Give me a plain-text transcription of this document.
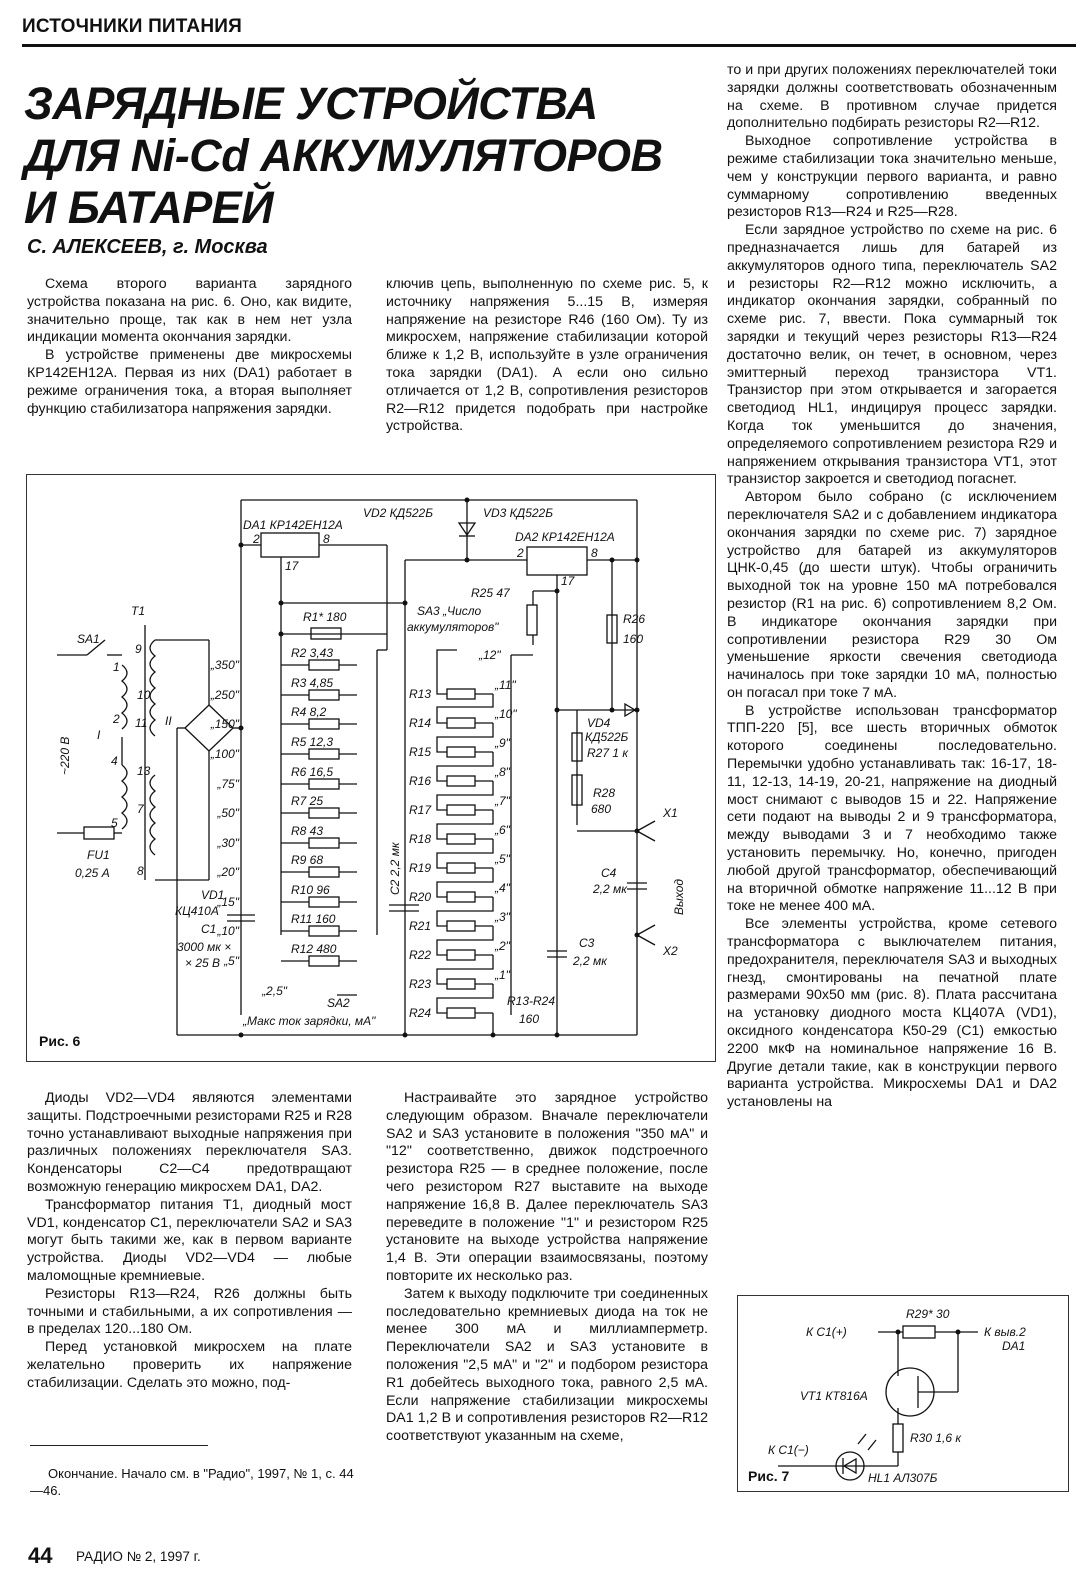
ИСТОЧНИКИ ПИТАНИЯ
ЗАРЯДНЫЕ УСТРОЙСТВА
ДЛЯ Ni-Cd АККУМУЛЯТОРОВ
И БАТАРЕЙ
С. АЛЕКСЕЕВ, г. Москва

Схема второго варианта зарядного устройства показана на рис. 6. Оно, как видите, значительно проще, так как в нем нет узла индикации момента окончания зарядки.

В устройстве применены две микросхемы КР142ЕН12А. Первая из них (DA1) работает в режиме ограничения тока, а вторая выполняет функцию стабилизатора напряжения зарядки.

ключив цепь, выполненную по схеме рис. 5, к источнику напряжения 5...15 В, измеряя напряжение на резисторе R46 (160 Ом). Ту из микросхем, напряжение стабилизации которой ближе к 1,2 В, используйте в узле ограничения тока зарядки (DA1). А если оно сильно отличается от 1,2 В, сопротивления резисторов R2—R12 придется подобрать при настройке устройства.

то и при других положениях переключателей токи зарядки должны соответствовать обозначенным на схеме. В противном случае придется дополнительно подбирать резисторы R2—R12.

Выходное сопротивление устройства в режиме стабилизации тока значительно меньше, чем у конструкции первого варианта, и равно суммарному сопротивлению введенных резисторов R13—R24 и R25—R28.

Если зарядное устройство по схеме на рис. 6 предназначается лишь для батарей из аккумуляторов одного типа, переключатель SA2 и резисторы R2—R12 можно исключить, а индикатор окончания зарядки, собранный по схеме рис. 7, ввести. Пока суммарный ток зарядки и текущий через резисторы R13—R24 достаточно велик, он течет, в основном, через эмиттерный переход транзистора VT1. Транзистор при этом открывается и загорается светодиод HL1, индицируя процесс зарядки. Когда ток уменьшится до значения, определяемого сопротивлением резистора R29 и напряжением открывания транзистора VT1, этот транзистор закроется и светодиод погаснет.

Автором было собрано (с исключением переключателя SA2 и с добавлением индикатора окончания зарядки по схеме рис. 7) зарядное устройство для батарей из аккумуляторов ЦНК-0,45 (до шести штук). Чтобы ограничить выходной ток на уровне 150 мА потребовался резистор (R1 на рис. 6) сопротивлением 8,2 Ом. В индикаторе окончания зарядки при сопротивлении резистора R29 30 Ом уменьшение яркости свечения светодиода начиналось при токе зарядки 10 мА, полностью он погасал при токе 7 мА.

В устройстве использован трансформатор ТПП-220 [5], все шесть вторичных обмоток которого соединены последовательно. Перемычки удобно устанавливать так: 16-17, 18-11, 12-13, 14-19, 20-21, напряжение на диодный мост снимают с выводов 15 и 22. Напряжение сети подают на выводы 2 и 9 трансформатора, между выводами 3 и 7 необходимо также установить перемычку. Но, конечно, пригоден любой другой трансформатор, обеспечивающий на вторичной обмотке напряжение 11...12 В при токе не менее 400 мА.

Все элементы устройства, кроме сетевого трансформатора с выключателем питания, предохранителя, переключателя SA3 и выходных гнезд, смонтированы на печатной плате размерами 90x50 мм (рис. 8). Плата рассчитана на установку диодного моста КЦ407А (VD1), оксидного конденсатора К50-29 (С1) емкостью 2200 мкФ на номинальное напряжение 16 В. Другие детали такие, как в конструкции первого варианта устройства. Микросхемы DA1 и DA2 установлены на

VD2 КД522Б	VD3 КД522Б
DA1 КР142ЕН12А
DA2 КР142ЕН12А
2	8
17
2	8
17
R1* 180
R25 47
SA3 „Число
аккумуляторов"
R26
160
VD4
КД522Б
R27 1 к
R28
680	X1
X2
Выход
C4
2,2 мк
C3
2,2 мк
C2 2,2 мк
T1
SA1
~220 В
I
II
FU1
0,25 А
VD1
КЦ410А
C1
3000 мк ×
× 25 В
9
10
11
13
7
8
1
2
4
5
„350"
„250"
„150"
„100"
„75"
„50"
„30"
„20"
„15"
„10"
„5"
„2,5"
R2 3,43
R3 4,85
R4 8,2
R5 12,3
R6 16,5
R7 25
R8 43
R9 68
R10 96
R11 160
R12 480
SA2
„Макс ток зарядки, мА"
„12"
„11"
„10"
„9"
„8"
„7"
„6"
„5"
„4"
„3"
„2"
„1"
R13
R14
R15
R16
R17
R18
R19
R20
R21
R22
R23
R24
R13-R24
160
Рис. 6

Диоды VD2—VD4 являются элементами защиты. Подстроечными резисторами R25 и R28 точно устанавливают выходные напряжения при различных положениях переключателя SA3. Конденсаторы С2—С4 предотвращают возможную генерацию микросхем DA1, DA2.

Трансформатор питания Т1, диодный мост VD1, конденсатор С1, переключатели SA2 и SA3 могут быть такими же, как в первом варианте устройства. Диоды VD2—VD4 — любые маломощные кремниевые.

Резисторы R13—R24, R26 должны быть точными и стабильными, а их сопротивления — в пределах 120...180 Ом.

Перед установкой микросхем на плате желательно проверить их напряжение стабилизации. Сделать это можно, под-

Настраивайте это зарядное устройство следующим образом. Вначале переключатели SA2 и SA3 установите в положения "350 мА" и "12" соответственно, движок подстроечного резистора R25 — в среднее положение, после чего резистором R27 выставите на выходе напряжение 16,8 В. Далее переключатель SA3 переведите в положение "1" и резистором R25 установите на выходе устройства напряжение 1,4 В. Эти операции взаимосвязаны, поэтому повторите их несколько раз.

Затем к выходу подключите три соединенных последовательно кремниевых диода на ток не менее 300 мА и миллиамперметр. Переключатели SA2 и SA3 установите в положения "2,5 мА" и "2" и подбором резистора R1 добейтесь выходного тока, равного 2,5 мА. Если напряжение стабилизации микросхемы DA1 1,2 В и сопротивления резисторов R2—R12 соответствуют указанным на схеме,

К С1(+)
R29* 30
К выв.2
DA1
VT1 КТ816А
R30 1,6 к
К С1(−)
HL1 АЛ307Б
Рис. 7
Окончание. Начало см. в "Радио", 1997, № 1, с. 44—46.
44 РАДИО № 2, 1997 г.
